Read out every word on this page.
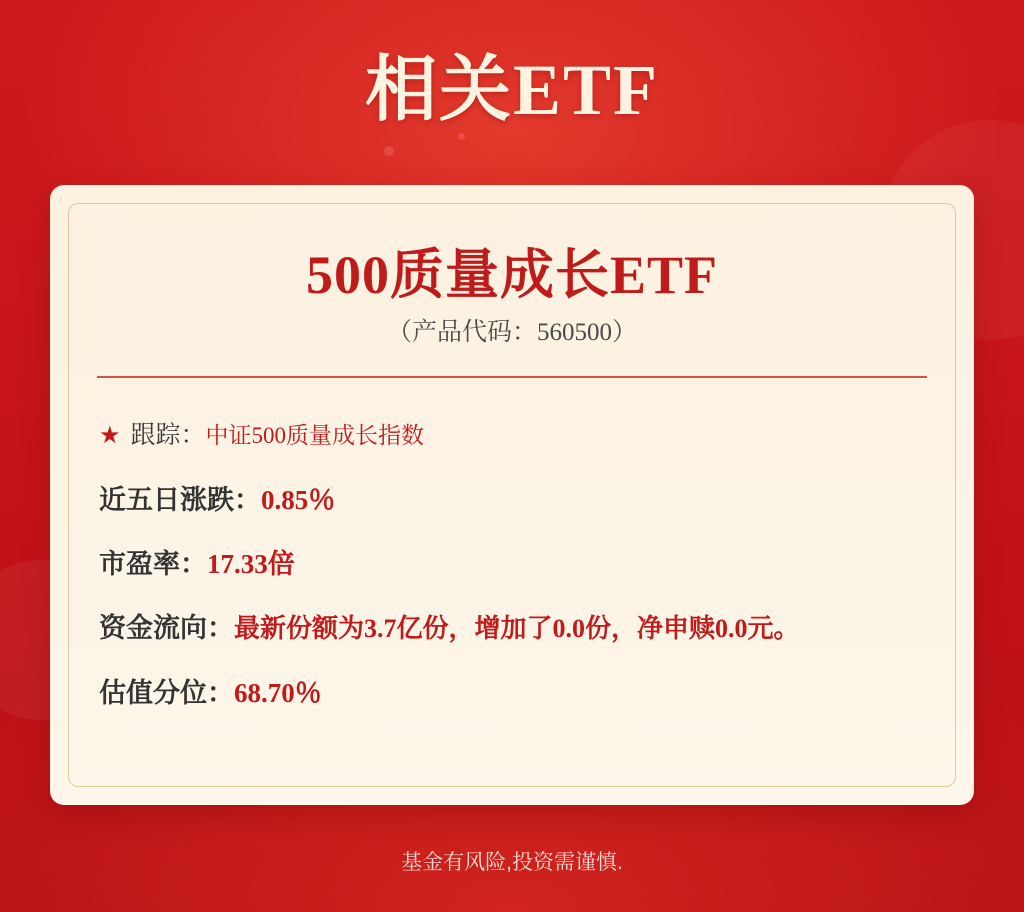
相关ETF
500质量成长ETF
（产品代码：560500）
★ 跟踪： 中证500质量成长指数
近五日涨跌： 0.85％
市盈率： 17.33倍
资金流向： 最新份额为3.7亿份，增加了0.0份，净申赎0.0元。
估值分位： 68.70％
基金有风险,投资需谨慎.
